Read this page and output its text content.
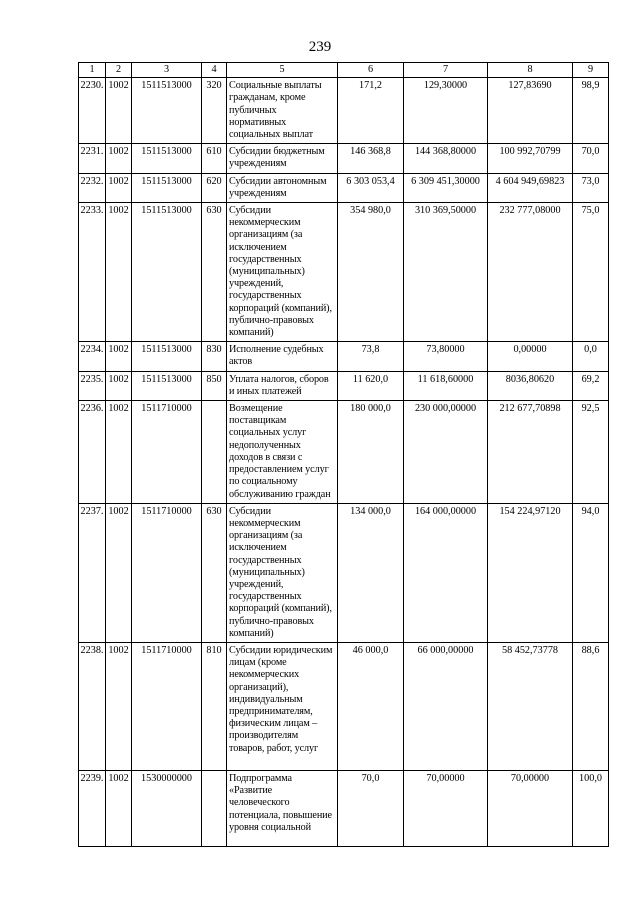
239
1	2	3	4	5	6	7	8	9
2230.	1002	1511513000	320	Социальные выплаты гражданам, кроме публичных нормативных социальных выплат	171,2	129,30000	127,83690	98,9
2231.	1002	1511513000	610	Субсидии бюджетным учреждениям	146 368,8	144 368,80000	100 992,70799	70,0
2232.	1002	1511513000	620	Субсидии автономным учреждениям	6 303 053,4	6 309 451,30000	4 604 949,69823	73,0
2233.	1002	1511513000	630	Субсидии некоммерческим организациям (за исключением государственных (муниципальных) учреждений, государственных корпораций (компаний), публично-правовых компаний)	354 980,0	310 369,50000	232 777,08000	75,0
2234.	1002	1511513000	830	Исполнение судебных актов	73,8	73,80000	0,00000	0,0
2235.	1002	1511513000	850	Уплата налогов, сборов и иных платежей	11 620,0	11 618,60000	8036,80620	69,2
2236.	1002	1511710000		Возмещение поставщикам социальных услуг недополученных доходов в связи с предоставлением услуг по социальному обслуживанию граждан	180 000,0	230 000,00000	212 677,70898	92,5
2237.	1002	1511710000	630	Субсидии некоммерческим организациям (за исключением государственных (муниципальных) учреждений, государственных корпораций (компаний), публично-правовых компаний)	134 000,0	164 000,00000	154 224,97120	94,0
2238.	1002	1511710000	810	Субсидии юридическим лицам (кроме некоммерческих организаций), индивидуальным предпринимателям, физическим лицам – производителям товаров, работ, услуг	46 000,0	66 000,00000	58 452,73778	88,6
2239.	1002	1530000000		Подпрограмма «Развитие человеческого потенциала, повышение уровня социальной	70,0	70,00000	70,00000	100,0
